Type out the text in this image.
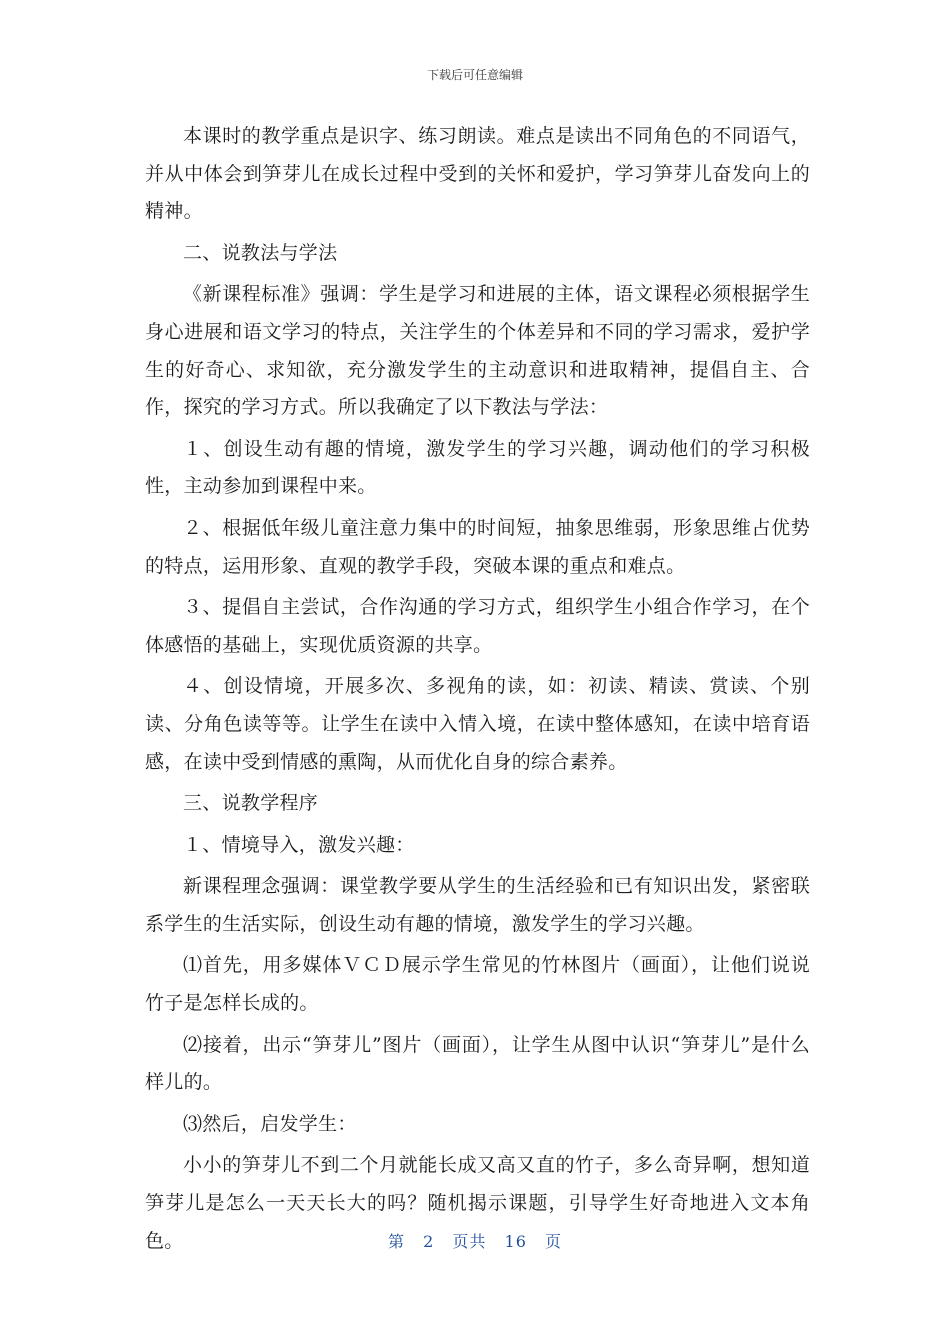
下载后可任意编辑

本课时的教学重点是识字、练习朗读。难点是读出不同角色的不同语气，并从中体会到笋芽儿在成长过程中受到的关怀和爱护，学习笋芽儿奋发向上的精神。

二、说教法与学法

《新课程标准》强调：学生是学习和进展的主体，语文课程必须根据学生身心进展和语文学习的特点，关注学生的个体差异和不同的学习需求，爱护学生的好奇心、求知欲，充分激发学生的主动意识和进取精神，提倡自主、合作，探究的学习方式。所以我确定了以下教法与学法：

１、创设生动有趣的情境，激发学生的学习兴趣，调动他们的学习积极性，主动参加到课程中来。

２、根据低年级儿童注意力集中的时间短，抽象思维弱，形象思维占优势的特点，运用形象、直观的教学手段，突破本课的重点和难点。

３、提倡自主尝试，合作沟通的学习方式，组织学生小组合作学习，在个体感悟的基础上，实现优质资源的共享。

４、创设情境，开展多次、多视角的读，如：初读、精读、赏读、个别读、分角色读等等。让学生在读中入情入境，在读中整体感知，在读中培育语感，在读中受到情感的熏陶，从而优化自身的综合素养。

三、说教学程序

１、情境导入，激发兴趣：

新课程理念强调：课堂教学要从学生的生活经验和已有知识出发，紧密联系学生的生活实际，创设生动有趣的情境，激发学生的学习兴趣。

⑴首先，用多媒体ＶＣＤ展示学生常见的竹林图片（画面），让他们说说竹子是怎样长成的。

⑵接着，出示“笋芽儿”图片（画面），让学生从图中认识“笋芽儿”是什么样儿的。

⑶然后，启发学生：

小小的笋芽儿不到二个月就能长成又高又直的竹子，多么奇异啊，想知道笋芽儿是怎么一天天长大的吗？随机揭示课题，引导学生好奇地进入文本角色。	第 2 页共 16 页
